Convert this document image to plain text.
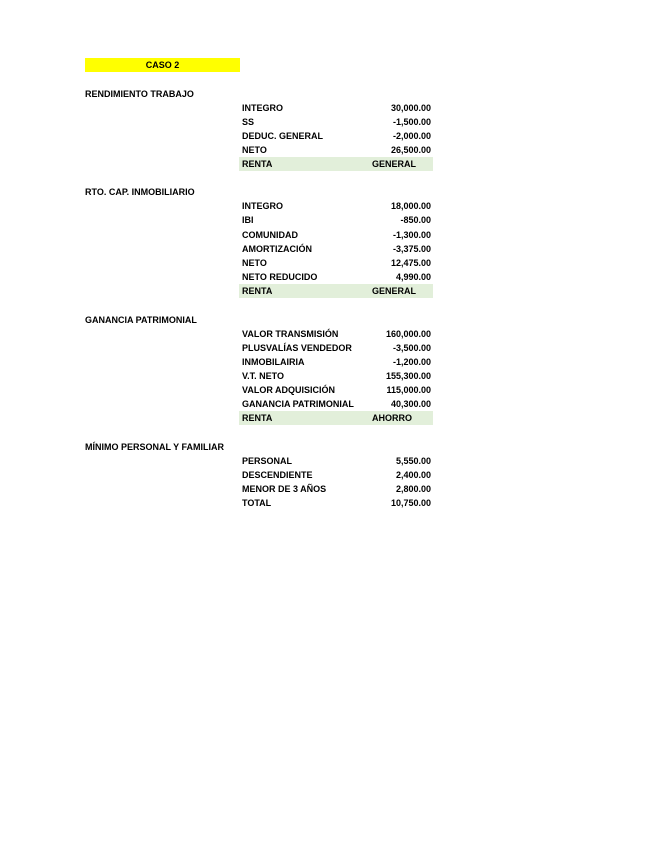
CASO 2
RENDIMIENTO TRABAJO
INTEGRO	30,000.00
SS	-1,500.00
DEDUC. GENERAL	-2,000.00
NETO	26,500.00
RENTA	GENERAL
RTO. CAP. INMOBILIARIO
INTEGRO	18,000.00
IBI	-850.00
COMUNIDAD	-1,300.00
AMORTIZACIÓN	-3,375.00
NETO	12,475.00
NETO REDUCIDO	4,990.00
RENTA	GENERAL
GANANCIA PATRIMONIAL
VALOR TRANSMISIÓN	160,000.00
PLUSVALÍAS VENDEDOR	-3,500.00
INMOBILAIRIA	-1,200.00
V.T. NETO	155,300.00
VALOR ADQUISICIÓN	115,000.00
GANANCIA PATRIMONIAL	40,300.00
RENTA	AHORRO
MÍNIMO PERSONAL Y FAMILIAR
PERSONAL	5,550.00
DESCENDIENTE	2,400.00
MENOR DE 3 AÑOS	2,800.00
TOTAL	10,750.00
